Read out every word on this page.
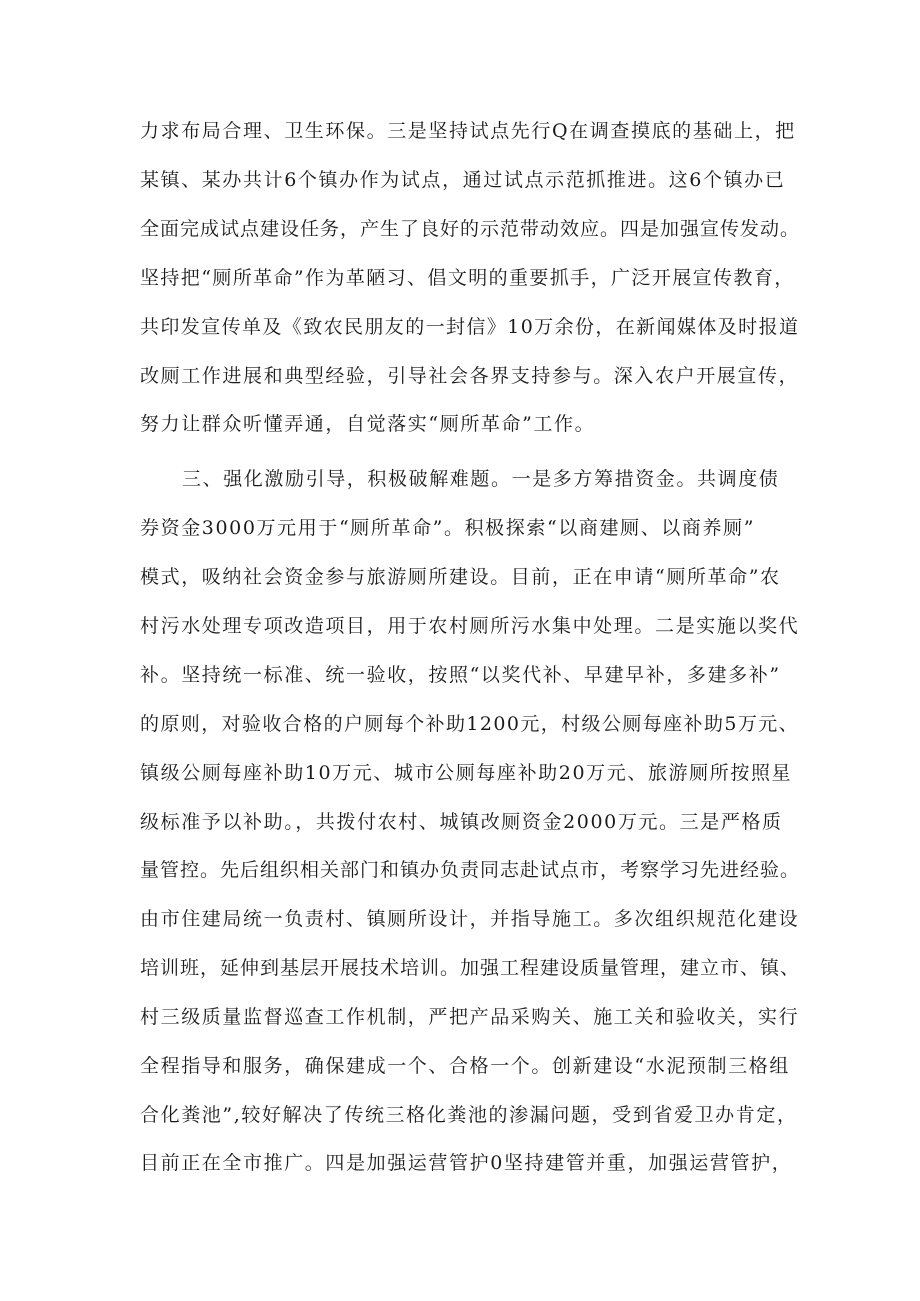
力求布局合理、卫生环保。三是坚持试点先行Q在调查摸底的基础上，把
某镇、某办共计6个镇办作为试点，通过试点示范抓推进。这6个镇办已
全面完成试点建设任务，产生了良好的示范带动效应。四是加强宣传发动。
坚持把“厕所革命”作为革陋习、倡文明的重要抓手，广泛开展宣传教育，
共印发宣传单及《致农民朋友的一封信》10万余份，在新闻媒体及时报道
改厕工作进展和典型经验，引导社会各界支持参与。深入农户开展宣传，
努力让群众听懂弄通，自觉落实“厕所革命”工作。
三、强化激励引导，积极破解难题。一是多方筹措资金。共调度债
券资金3000万元用于“厕所革命”。积极探索“以商建厕、以商养厕”
模式，吸纳社会资金参与旅游厕所建设。目前，正在申请“厕所革命”农
村污水处理专项改造项目，用于农村厕所污水集中处理。二是实施以奖代
补。坚持统一标准、统一验收，按照“以奖代补、早建早补，多建多补”
的原则，对验收合格的户厕每个补助1200元，村级公厕每座补助5万元、
镇级公厕每座补助10万元、城市公厕每座补助20万元、旅游厕所按照星
级标准予以补助。，共拨付农村、城镇改厕资金2000万元。三是严格质
量管控。先后组织相关部门和镇办负责同志赴试点市，考察学习先进经验。
由市住建局统一负责村、镇厕所设计，并指导施工。多次组织规范化建设
培训班，延伸到基层开展技术培训。加强工程建设质量管理，建立市、镇、
村三级质量监督巡查工作机制，严把产品采购关、施工关和验收关，实行
全程指导和服务，确保建成一个、合格一个。创新建设“水泥预制三格组
合化粪池”,较好解决了传统三格化粪池的渗漏问题，受到省爱卫办肯定，
目前正在全市推广。四是加强运营管护0坚持建管并重，加强运营管护，
